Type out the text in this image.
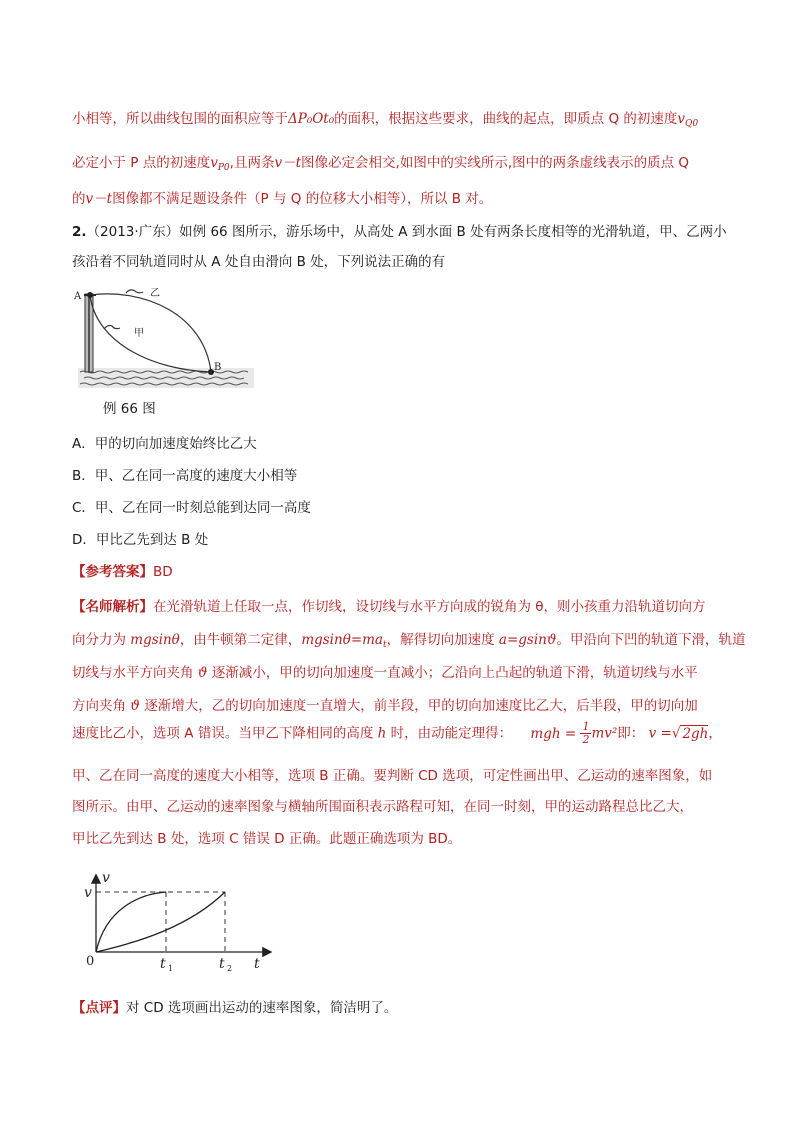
小相等，所以曲线包围的面积应等于ΔP₀Ot₀的面积，根据这些要求，曲线的起点，即质点 Q 的初速度$v_{Q0}$
必定小于 P 点的初速度$v_{P0}$,且两条v－t图像必定会相交,如图中的实线所示,图中的两条虚线表示的质点 Q
的v－t图像都不满足题设条件（P 与 Q 的位移大小相等），所以 B 对。
2.（2013·广东）如例 66 图所示，游乐场中，从高处 A 到水面 B 处有两条长度相等的光滑轨道，甲、乙两小
孩沿着不同轨道同时从 A 处自由滑向 B 处，下列说法正确的有
A
B
甲
乙
例 66 图
A．甲的切向加速度始终比乙大
B．甲、乙在同一高度的速度大小相等
C．甲、乙在同一时刻总能到达同一高度
D．甲比乙先到达 B 处
【参考答案】BD
【名师解析】在光滑轨道上任取一点，作切线，设切线与水平方向成的锐角为 θ，则小孩重力沿轨道切向方
向分力为 mgsinθ，由牛顿第二定律，$mgsin\theta=ma_t$，解得切向加速度 a=gsinϑ。甲沿向下凹的轨道下滑，轨道
切线与水平方向夹角 ϑ 逐渐减小，甲的切向加速度一直减小；乙沿向上凸起的轨道下滑，轨道切线与水平
方向夹角 ϑ 逐渐增大，乙的切向加速度一直增大，前半段，甲的切向加速度比乙大，后半段，甲的切向加
速度比乙小，选项 A 错误。当甲乙下降相同的高度 h 时，由动能定理得： mgh = $\frac{1}{2} mv^2$即： v =√ 2gh，
甲、乙在同一高度的速度大小相等，选项 B 正确。要判断 CD 选项，可定性画出甲、乙运动的速率图象，如
图所示。由甲、乙运动的速率图象与横轴所围面积表示路程可知，在同一时刻，甲的运动路程总比乙大，
甲比乙先到达 B 处，选项 C 错误 D 正确。此题正确选项为 BD。
v
t
v
0	t 1	t 2
【点评】对 CD 选项画出运动的速率图象，简洁明了。
